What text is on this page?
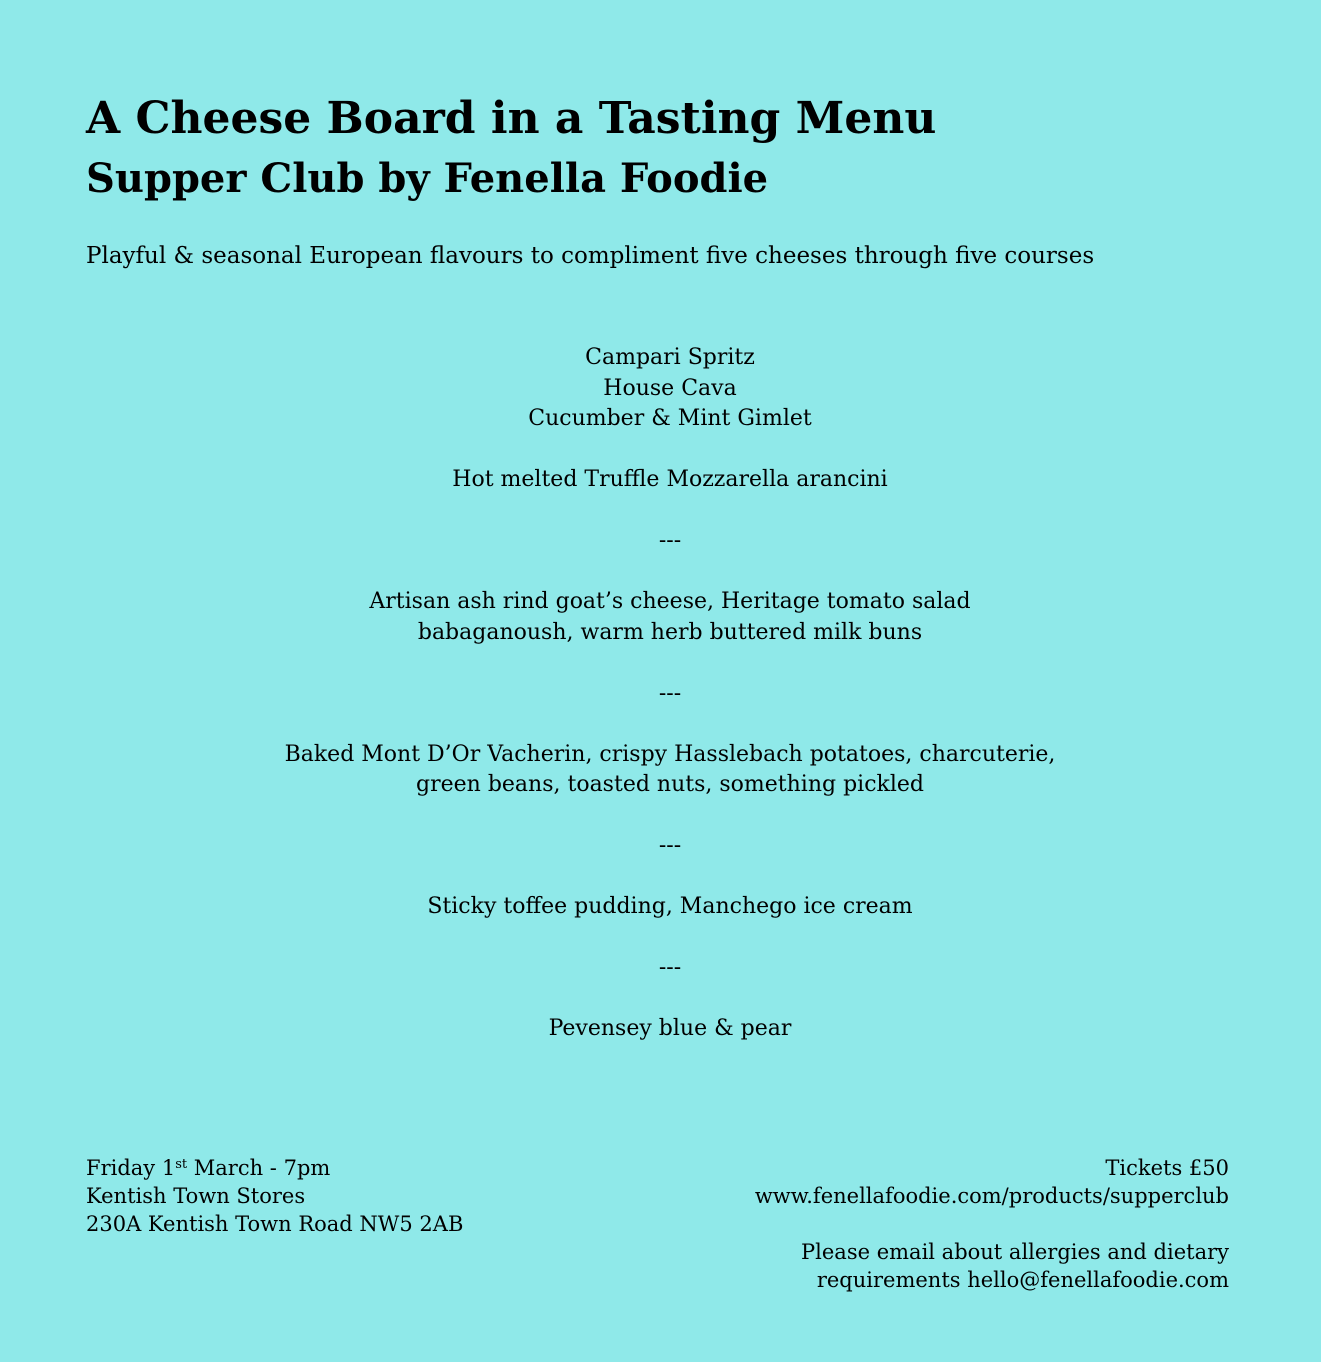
A Cheese Board in a Tasting Menu
Supper Club by Fenella Foodie

Playful & seasonal European flavours to compliment five cheeses through five courses

Campari Spritz
House Cava
Cucumber & Mint Gimlet
Hot melted Truffle Mozzarella arancini
---
Artisan ash rind goat’s cheese, Heritage tomato salad
babaganoush, warm herb buttered milk buns
---
Baked Mont D’Or Vacherin, crispy Hasslebach potatoes, charcuterie,
green beans, toasted nuts, something pickled
---
Sticky toffee pudding, Manchego ice cream
---
Pevensey blue & pear
Friday 1st March - 7pm
Kentish Town Stores
230A Kentish Town Road NW5 2AB
Tickets £50
www.fenellafoodie.com/products/supperclub
Please email about allergies and dietary
requirements hello@fenellafoodie.com
